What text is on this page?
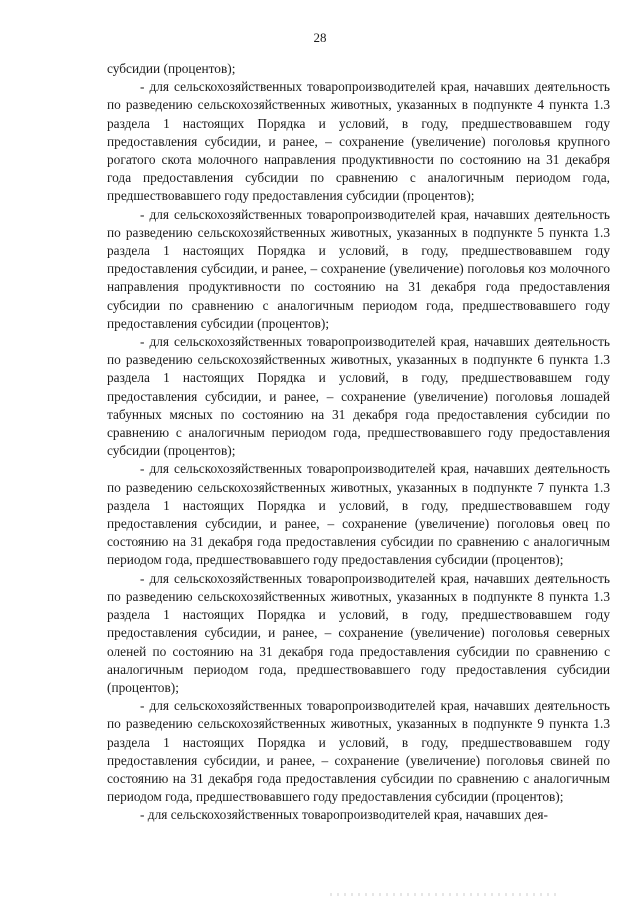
28

субсидии (процентов);

- для сельскохозяйственных товаропроизводителей края, начавших деятельность по разведению сельскохозяйственных животных, указанных в подпункте 4 пункта 1.3 раздела 1 настоящих Порядка и условий, в году, предшествовавшем году предоставления субсидии, и ранее, – сохранение (увеличение) поголовья крупного рогатого скота молочного направления продуктивности по состоянию на 31 декабря года предоставления субсидии по сравнению с аналогичным периодом года, предшествовавшего году предоставления субсидии (процентов);

- для сельскохозяйственных товаропроизводителей края, начавших деятельность по разведению сельскохозяйственных животных, указанных в подпункте 5 пункта 1.3 раздела 1 настоящих Порядка и условий, в году, предшествовавшем году предоставления субсидии, и ранее, – сохранение (увеличение) поголовья коз молочного направления продуктивности по состоянию на 31 декабря года предоставления субсидии по сравнению с аналогичным периодом года, предшествовавшего году предоставления субсидии (процентов);

- для сельскохозяйственных товаропроизводителей края, начавших деятельность по разведению сельскохозяйственных животных, указанных в подпункте 6 пункта 1.3 раздела 1 настоящих Порядка и условий, в году, предшествовавшем году предоставления субсидии, и ранее, – сохранение (увеличение) поголовья лошадей табунных мясных по состоянию на 31 декабря года предоставления субсидии по сравнению с аналогичным периодом года, предшествовавшего году предоставления субсидии (процентов);

- для сельскохозяйственных товаропроизводителей края, начавших деятельность по разведению сельскохозяйственных животных, указанных в подпункте 7 пункта 1.3 раздела 1 настоящих Порядка и условий, в году, предшествовавшем году предоставления субсидии, и ранее, – сохранение (увеличение) поголовья овец по состоянию на 31 декабря года предоставления субсидии по сравнению с аналогичным периодом года, предшествовавшего году предоставления субсидии (процентов);

- для сельскохозяйственных товаропроизводителей края, начавших деятельность по разведению сельскохозяйственных животных, указанных в подпункте 8 пункта 1.3 раздела 1 настоящих Порядка и условий, в году, предшествовавшем году предоставления субсидии, и ранее, – сохранение (увеличение) поголовья северных оленей по состоянию на 31 декабря года предоставления субсидии по сравнению с аналогичным периодом года, предшествовавшего году предоставления субсидии (процентов);

- для сельскохозяйственных товаропроизводителей края, начавших деятельность по разведению сельскохозяйственных животных, указанных в подпункте 9 пункта 1.3 раздела 1 настоящих Порядка и условий, в году, предшествовавшем году предоставления субсидии, и ранее, – сохранение (увеличение) поголовья свиней по состоянию на 31 декабря года предоставления субсидии по сравнению с аналогичным периодом года, предшествовавшего году предоставления субсидии (процентов);

- для сельскохозяйственных товаропроизводителей края, начавших дея-
